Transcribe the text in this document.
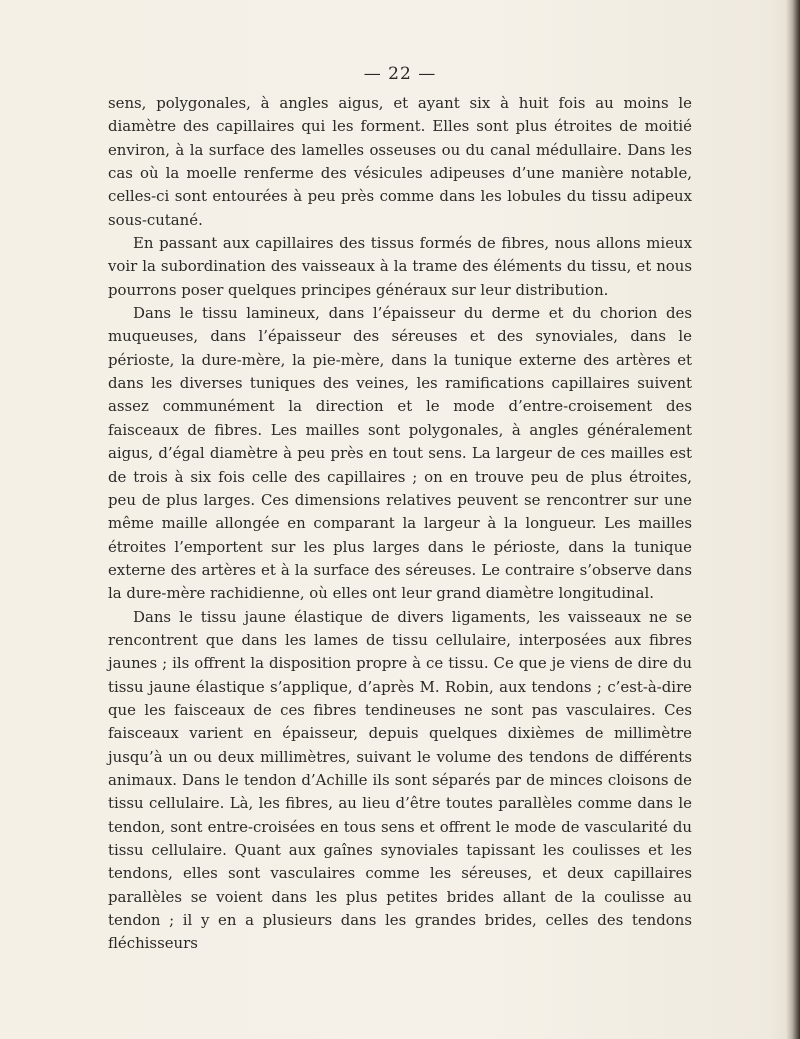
— 22 —

sens, polygonales, à angles aigus, et ayant six à huit fois au moins le diamètre des capillaires qui les forment. Elles sont plus étroites de moitié environ, à la surface des lamelles osseuses ou du canal médullaire. Dans les cas où la moelle renferme des vésicules adipeuses d’une manière notable, celles-ci sont entourées à peu près comme dans les lobules du tissu adipeux sous-cutané.

En passant aux capillaires des tissus formés de fibres, nous allons mieux voir la subordination des vaisseaux à la trame des éléments du tissu, et nous pourrons poser quelques principes généraux sur leur distribution.

Dans le tissu lamineux, dans l’épaisseur du derme et du chorion des muqueuses, dans l’épaisseur des séreuses et des synoviales, dans le périoste, la dure-mère, la pie-mère, dans la tunique externe des artères et dans les diverses tuniques des veines, les ramifications capillaires suivent assez communément la direction et le mode d’entre-croisement des faisceaux de fibres. Les mailles sont polygonales, à angles généralement aigus, d’égal diamètre à peu près en tout sens. La largeur de ces mailles est de trois à six fois celle des capillaires ; on en trouve peu de plus étroites, peu de plus larges. Ces dimensions relatives peuvent se rencontrer sur une même maille allongée en comparant la largeur à la longueur. Les mailles étroites l’emportent sur les plus larges dans le périoste, dans la tunique externe des artères et à la surface des séreuses. Le contraire s’observe dans la dure-mère rachidienne, où elles ont leur grand diamètre longitudinal.

Dans le tissu jaune élastique de divers ligaments, les vaisseaux ne se rencontrent que dans les lames de tissu cellulaire, interposées aux fibres jaunes ; ils offrent la disposition propre à ce tissu. Ce que je viens de dire du tissu jaune élastique s’applique, d’après M. Robin, aux tendons ; c’est-à-dire que les faisceaux de ces fibres tendineuses ne sont pas vasculaires. Ces faisceaux varient en épaisseur, depuis quelques dixièmes de millimètre jusqu’à un ou deux millimètres, suivant le volume des tendons de différents animaux. Dans le tendon d’Achille ils sont séparés par de minces cloisons de tissu cellulaire. Là, les fibres, au lieu d’être toutes parallèles comme dans le tendon, sont entre-croisées en tous sens et offrent le mode de vascularité du tissu cellulaire. Quant aux gaînes synoviales tapissant les coulisses et les tendons, elles sont vasculaires comme les séreuses, et deux capillaires parallèles se voient dans les plus petites brides allant de la coulisse au tendon ; il y en a plusieurs dans les grandes brides, celles des tendons fléchisseurs
